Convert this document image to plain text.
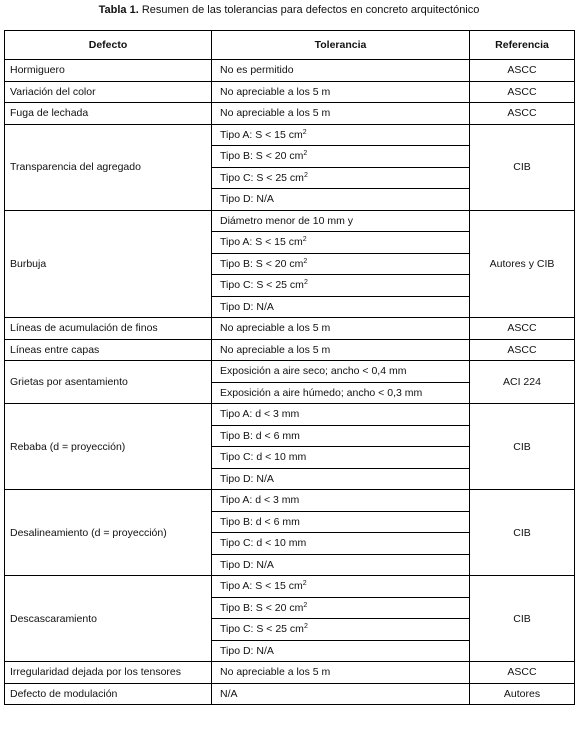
Tabla 1. Resumen de las tolerancias para defectos en concreto arquitectónico
Defecto	Tolerancia	Referencia
Hormiguero	No es permitido	ASCC
Variación del color	No apreciable a los 5 m	ASCC
Fuga de lechada	No apreciable a los 5 m	ASCC
Transparencia del agregado	Tipo A: S < 15 $cm^2$	CIB
	Tipo B: S < 20 $cm^2$
	Tipo C: S < 25 $cm^2$
	Tipo D: N/A	
Burbuja	Diámetro menor de 10 mm y	Autores y CIB
	Tipo A: S < 15 $cm^2$
	Tipo B: S < 20 $cm^2$
	Tipo C: S < 25 $cm^2$
	Tipo D: N/A	
Líneas de acumulación de finos	No apreciable a los 5 m	ASCC
Líneas entre capas	No apreciable a los 5 m	ASCC
Grietas por asentamiento	Exposición a aire seco; ancho < 0,4 mm	ACI 224
	Exposición a aire húmedo; ancho < 0,3 mm	
Rebaba (d = proyección)	Tipo A: d < 3 mm	CIB
	Tipo B: d < 6 mm	
	Tipo C: d < 10 mm	
	Tipo D: N/A	
Desalineamiento (d = proyección)	Tipo A: d < 3 mm	CIB
	Tipo B: d < 6 mm	
	Tipo C: d < 10 mm	
	Tipo D: N/A	
Descascaramiento	Tipo A: S < 15 $cm^2$	CIB
	Tipo B: S < 20 $cm^2$
	Tipo C: S < 25 $cm^2$
	Tipo D: N/A	
Irregularidad dejada por los tensores	No apreciable a los 5 m	ASCC
Defecto de modulación	N/A	Autores
